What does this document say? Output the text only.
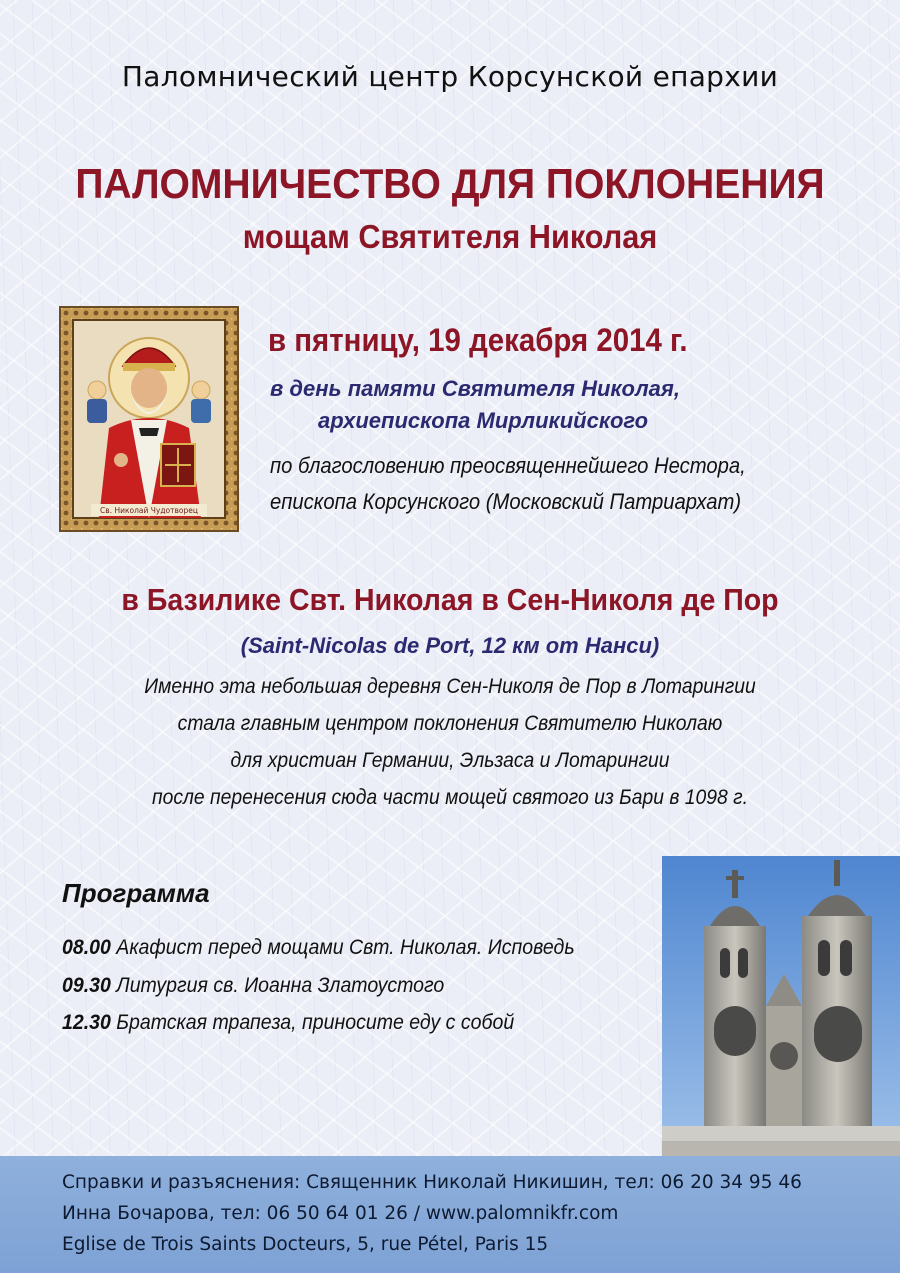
Паломнический центр Корсунской епархии
ПАЛОМНИЧЕСТВО ДЛЯ ПОКЛОНЕНИЯ
мощам Святителя Николая
Св. Николай Чудотворец
в пятницу, 19 декабря 2014 г.
в день памяти Святителя Николая,
архиепископа Мирликийского
по благословению преосвященнейшего Нестора,
епископа Корсунского (Московский Патриархат)
в Базилике Свт. Николая в Сен-Николя де Пор
(Saint-Nicolas de Port, 12 км от Нанси)
Именно эта небольшая деревня Сен-Николя де Пор в Лотарингии
стала главным центром поклонения Святителю Николаю
для христиан Германии, Эльзаса и Лотарингии
после перенесения сюда части мощей святого из Бари в 1098 г.
Программа
08.00 Акафист перед мощами Свт. Николая. Исповедь
09.30 Литургия св. Иоанна Златоустого
12.30 Братская трапеза, приносите еду с собой
Справки и разъяснения: Священник Николай Никишин, тел: 06 20 34 95 46
Инна Бочарова, тел: 06 50 64 01 26 / www.palomnikfr.com
Eglise de Trois Saints Docteurs, 5, rue Pétel, Paris 15
